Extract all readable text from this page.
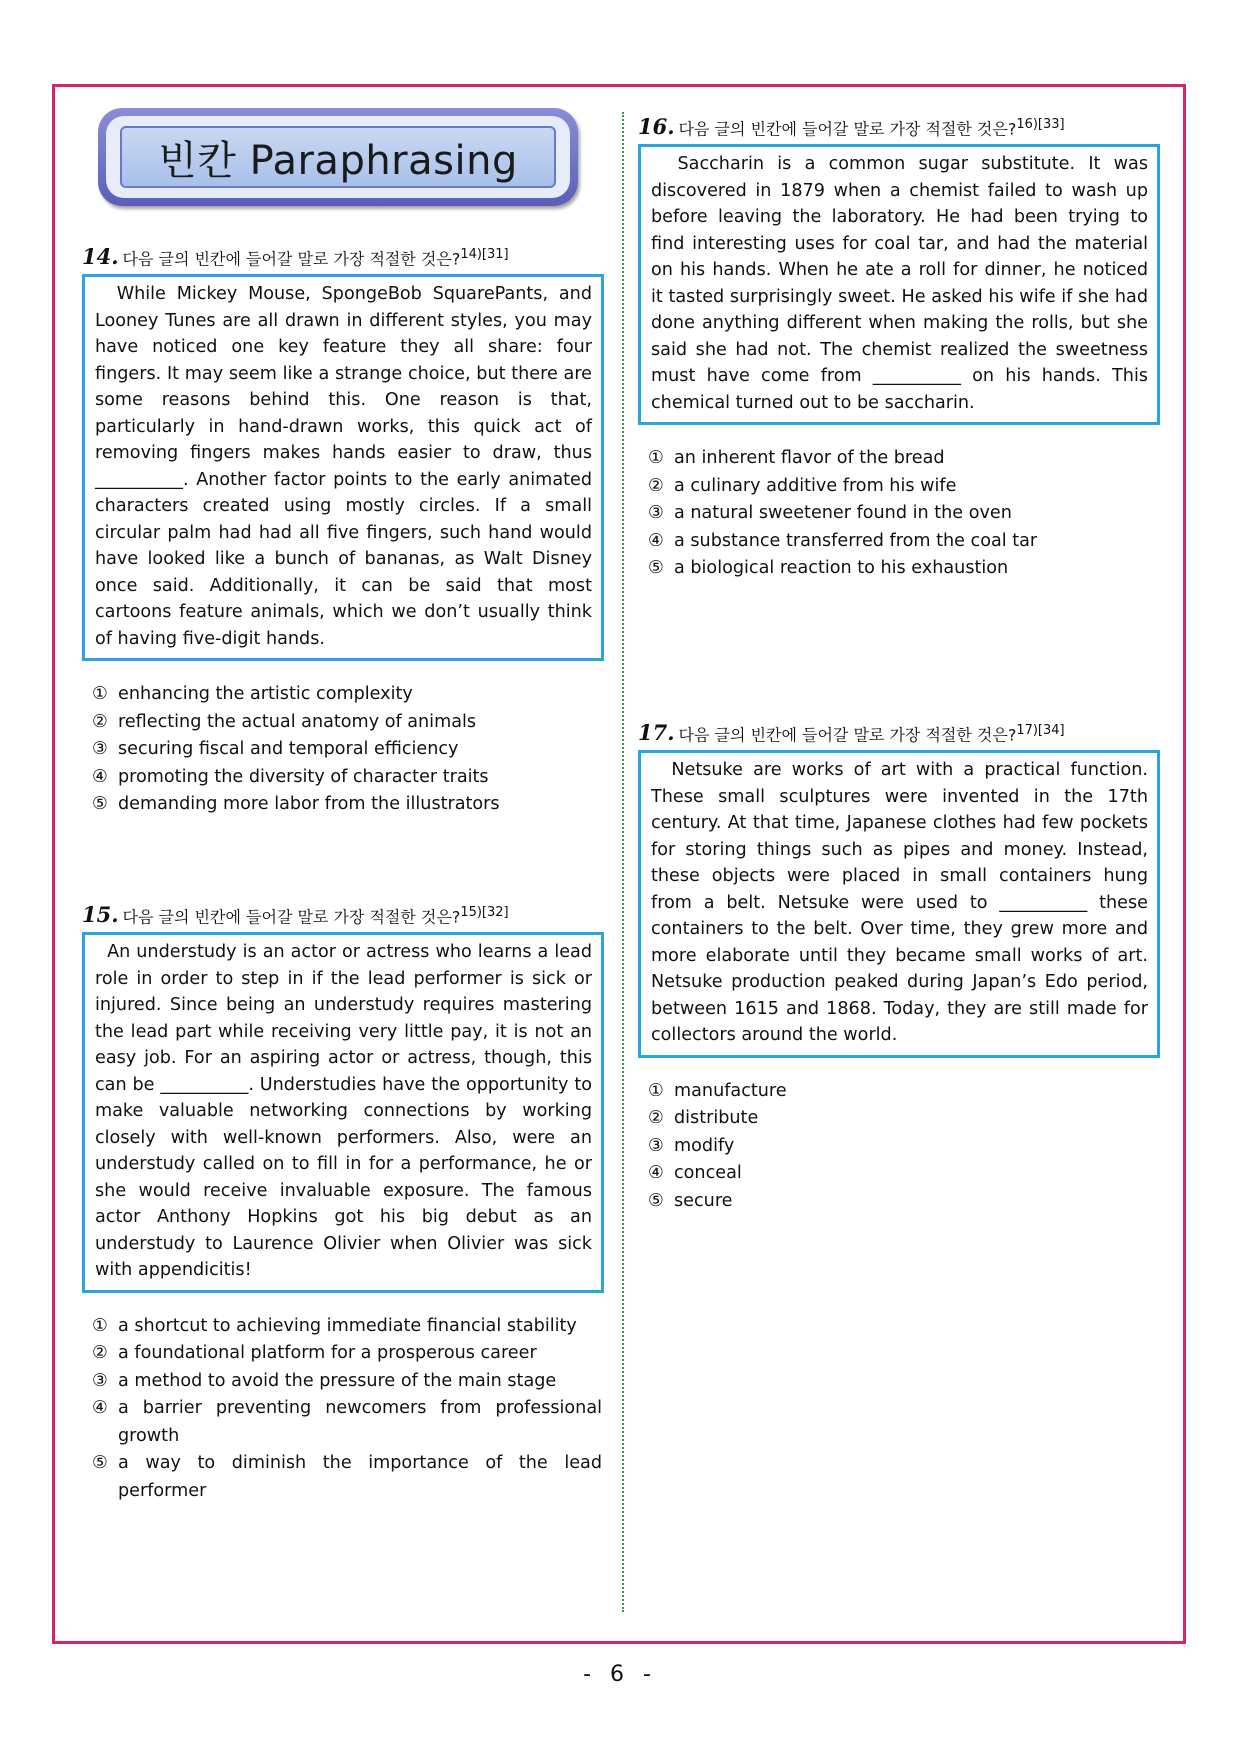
빈칸 Paraphrasing
14. 다음 글의 빈칸에 들어갈 말로 가장 적절한 것은?$^{14)[31]}$
While Mickey Mouse, SpongeBob SquarePants, and Looney Tunes are all drawn in different styles, you may have noticed one key feature they all share: four fingers. It may seem like a strange choice, but there are some reasons behind this. One reason is that, particularly in hand-drawn works, this quick act of removing fingers makes hands easier to draw, thus __________. Another factor points to the early animated characters created using mostly circles. If a small circular palm had had all five fingers, such hand would have looked like a bunch of bananas, as Walt Disney once said. Additionally, it can be said that most cartoons feature animals, which we don’t usually think of having five-digit hands.
① enhancing the artistic complexity
② reflecting the actual anatomy of animals
③ securing fiscal and temporal efficiency
④ promoting the diversity of character traits
⑤ demanding more labor from the illustrators
15. 다음 글의 빈칸에 들어갈 말로 가장 적절한 것은?$^{15)[32]}$
An understudy is an actor or actress who learns a lead role in order to step in if the lead performer is sick or injured. Since being an understudy requires mastering the lead part while receiving very little pay, it is not an easy job. For an aspiring actor or actress, though, this can be __________. Understudies have the opportunity to make valuable networking connections by working closely with well-known performers. Also, were an understudy called on to fill in for a performance, he or she would receive invaluable exposure. The famous actor Anthony Hopkins got his big debut as an understudy to Laurence Olivier when Olivier was sick with appendicitis!
① a shortcut to achieving immediate financial stability
② a foundational platform for a prosperous career
③ a method to avoid the pressure of the main stage
④ a barrier preventing newcomers from professional growth
⑤ a way to diminish the importance of the lead performer
16. 다음 글의 빈칸에 들어갈 말로 가장 적절한 것은?$^{16)[33]}$
Saccharin is a common sugar substitute. It was discovered in 1879 when a chemist failed to wash up before leaving the laboratory. He had been trying to find interesting uses for coal tar, and had the material on his hands. When he ate a roll for dinner, he noticed it tasted surprisingly sweet. He asked his wife if she had done anything different when making the rolls, but she said she had not. The chemist realized the sweetness must have come from __________ on his hands. This chemical turned out to be saccharin.
① an inherent flavor of the bread
② a culinary additive from his wife
③ a natural sweetener found in the oven
④ a substance transferred from the coal tar
⑤ a biological reaction to his exhaustion
17. 다음 글의 빈칸에 들어갈 말로 가장 적절한 것은?$^{17)[34]}$
Netsuke are works of art with a practical function. These small sculptures were invented in the 17th century. At that time, Japanese clothes had few pockets for storing things such as pipes and money. Instead, these objects were placed in small containers hung from a belt. Netsuke were used to __________ these containers to the belt. Over time, they grew more and more elaborate until they became small works of art. Netsuke production peaked during Japan’s Edo period, between 1615 and 1868. Today, they are still made for collectors around the world.
① manufacture
② distribute
③ modify
④ conceal
⑤ secure
- 6 -
